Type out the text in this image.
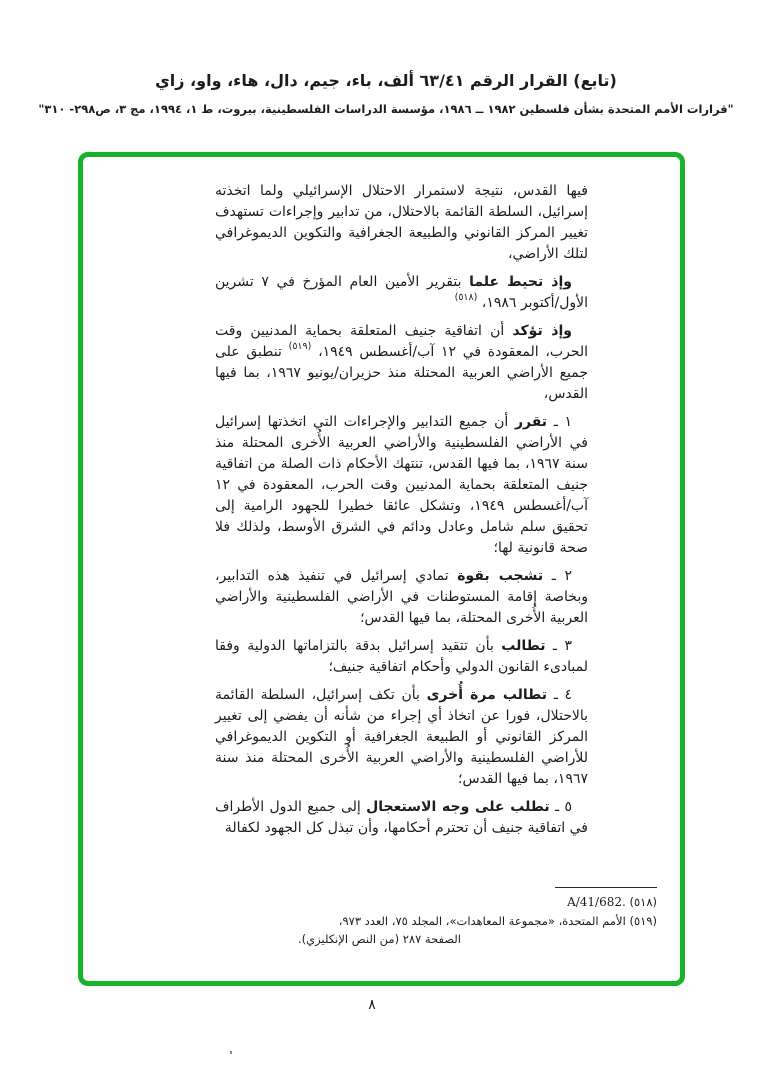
(تابع) القرار الرقم ٦٣/٤١ ألف، باء، جيم، دال، هاء، واو، زاي
"قرارات الأمم المتحدة بشأن فلسطين ١٩٨٢ ــ ١٩٨٦، مؤسسة الدراسات الفلسطينية، بيروت، ط ١، ١٩٩٤، مج ٣، ص٢٩٨- ٣١٠"

فيها القدس، نتيجة لاستمرار الاحتلال الإسرائيلي ولما اتخذته إسرائيل، السلطة القائمة بالاحتلال، من تدابير وإجراءات تستهدف تغيير المركز القانوني والطبيعة الجغرافية والتكوين الديموغرافي لتلك الأراضي،

وإذ تحيط علما بتقرير الأمين العام المؤرخ في ٧ تشرين الأول/أكتوبر ١٩٨٦، $^{(٥١٨)}$

وإذ تؤكد أن اتفاقية جنيف المتعلقة بحماية المدنيين وقت الحرب، المعقودة في ١٢ آب/أغسطس ١٩٤٩، $^{(٥١٩)}$ تنطبق على جميع الأراضي العربية المحتلة منذ حزيران/يونيو ١٩٦٧، بما فيها القدس،

١ ـ تقرر أن جميع التدابير والإجراءات التي اتخذتها إسرائيل في الأراضي الفلسطينية والأراضي العربية الأُخرى المحتلة منذ سنة ١٩٦٧، بما فيها القدس، تنتهك الأحكام ذات الصلة من اتفاقية جنيف المتعلقة بحماية المدنيين وقت الحرب، المعقودة في ١٢ آب/أغسطس ١٩٤٩، وتشكل عائقا خطيرا للجهود الرامية إلى تحقيق سلم شامل وعادل ودائم في الشرق الأوسط، ولذلك فلا صحة قانونية لها؛

٢ ـ تشجب بقوة تمادي إسرائيل في تنفيذ هذه التدابير، وبخاصة إقامة المستوطنات في الأراضي الفلسطينية والأراضي العربية الأُخرى المحتلة، بما فيها القدس؛

٣ ـ تطالب بأن تتقيد إسرائيل بدقة بالتزاماتها الدولية وفقا لمبادىء القانون الدولي وأحكام اتفاقية جنيف؛

٤ ـ تطالب مرة أُخرى بأن تكف إسرائيل، السلطة القائمة بالاحتلال، فورا عن اتخاذ أي إجراء من شأنه أن يفضي إلى تغيير المركز القانوني أو الطبيعة الجغرافية أو التكوين الديموغرافي للأراضي الفلسطينية والأراضي العربية الأُخرى المحتلة منذ سنة ١٩٦٧، بما فيها القدس؛

٥ ـ تطلب على وجه الاستعجال إلى جميع الدول الأطراف في اتفاقية جنيف أن تحترم أحكامها، وأن تبذل كل الجهود لكفالة

(٥١٨) A/41/682.
(٥١٩) الأمم المتحدة، «مجموعة المعاهدات»، المجلد ٧٥، العدد ٩٧٣،
الصفحة ٢٨٧ (من النص الإنكليزي).
٨
